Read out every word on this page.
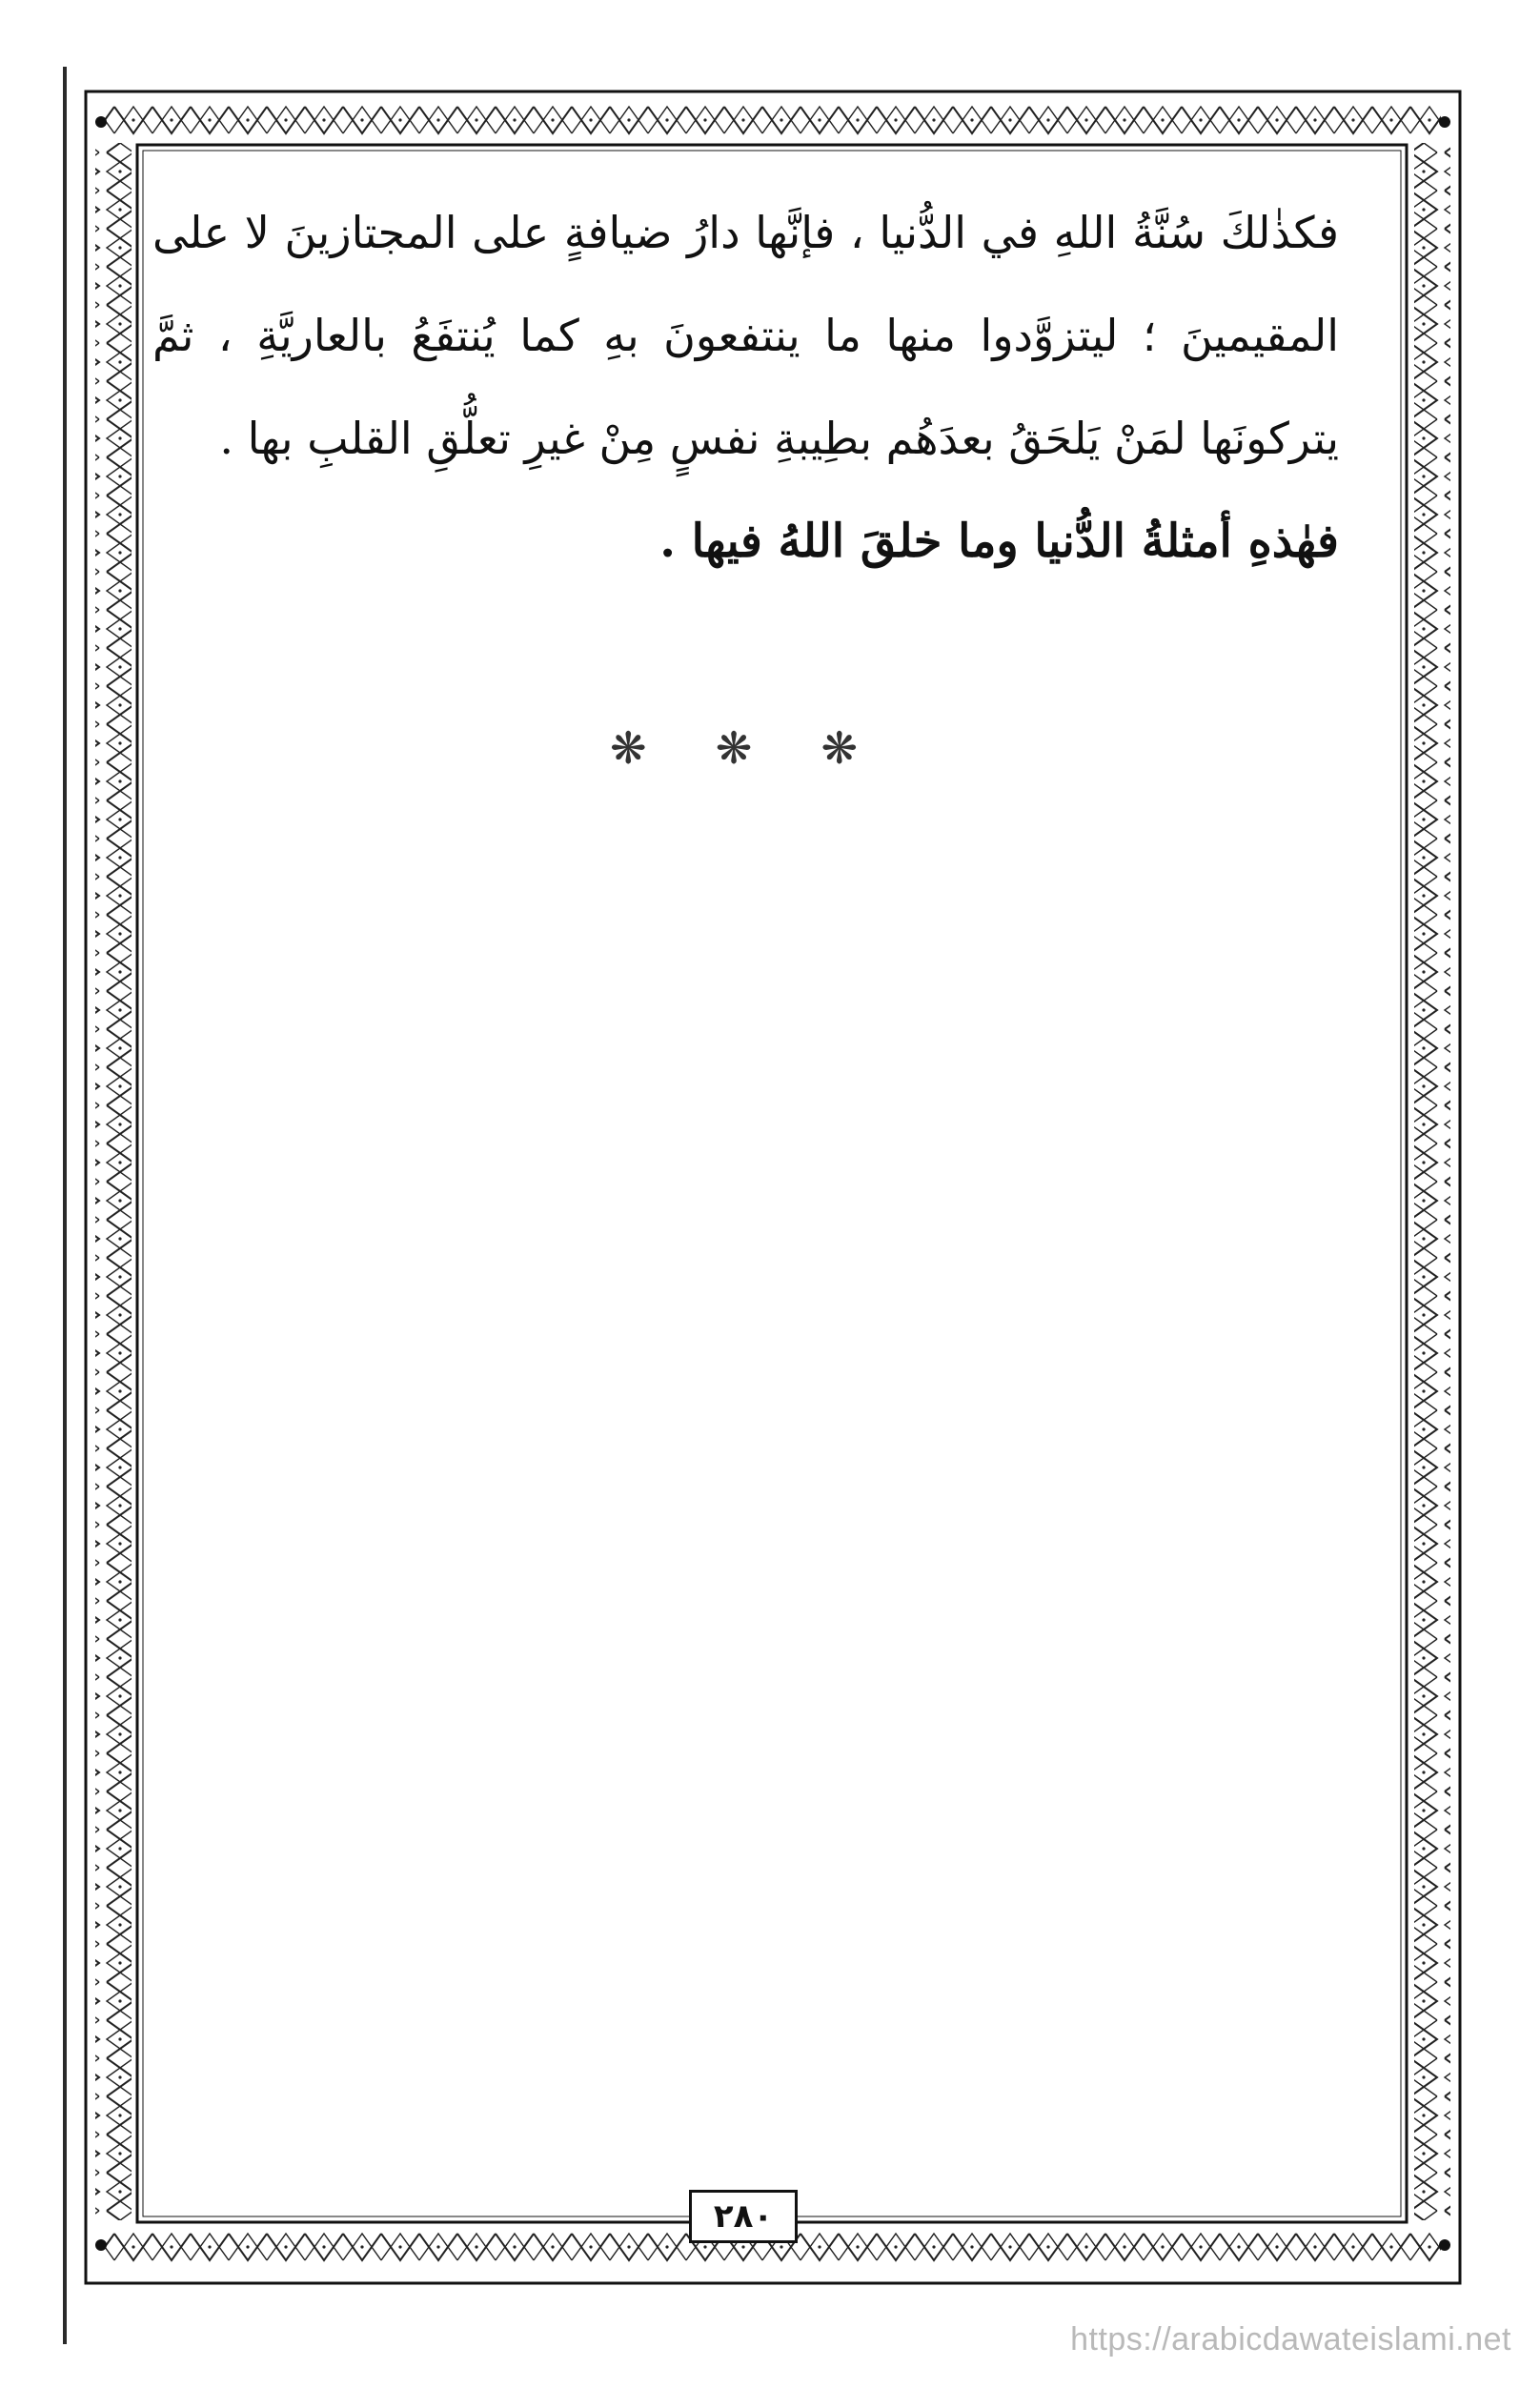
فكذٰلكَ سُنَّةُ اللهِ في الدُّنيا ، فإنَّها دارُ ضيافةٍ على المجتازينَ لا على المقيمينَ ؛ ليتزوَّدوا منها ما ينتفعونَ بهِ كما يُنتفَعُ بالعاريَّةِ ، ثمَّ يتركونَها لمَنْ يَلحَقُ بعدَهُم بطِيبةِ نفسٍ مِنْ غيرِ تعلُّقِ القلبِ بها .

فهٰذهِ أمثلةُ الدُّنيا وما خلقَ اللهُ فيها .

❋ ❋ ❋
٢٨٠
https://arabicdawateislami.net
